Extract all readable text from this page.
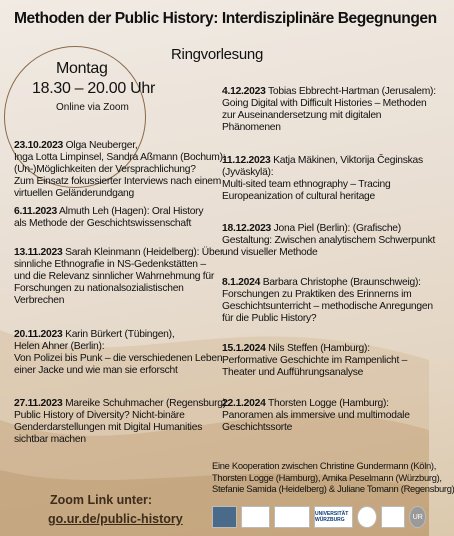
Methoden der Public History: Interdisziplinäre Begegnungen
Ringvorlesung
Montag
18.30 – 20.00 Uhr
Online via Zoom
23.10.2023 Olga Neuberger,
Inga Lotta Limpinsel, Sandra Aßmann (Bochum):
(Un-)Möglichkeiten der Versprachlichung?
Zum Einsatz fokussierter Interviews nach einem
virtuellen Geländerundgang
6.11.2023 Almuth Leh (Hagen): Oral History
als Methode der Geschichtswissenschaft
13.11.2023 Sarah Kleinmann (Heidelberg): Über
sinnliche Ethnografie in NS-Gedenkstätten –
und die Relevanz sinnlicher Wahrnehmung für
Forschungen zu nationalsozialistischen
Verbrechen
20.11.2023 Karin Bürkert (Tübingen),
Helen Ahner (Berlin):
Von Polizei bis Punk – die verschiedenen Leben
einer Jacke und wie man sie erforscht
27.11.2023 Mareike Schuhmacher (Regensburg):
Public History of Diversity? Nicht-binäre
Genderdarstellungen mit Digital Humanities
sichtbar machen
4.12.2023 Tobias Ebbrecht-Hartman (Jerusalem):
Going Digital with Difficult Histories – Methoden
zur Auseinandersetzung mit digitalen
Phänomenen
11.12.2023 Katja Mäkinen, Viktorija Čeginskas
(Jyväskylä):
Multi-sited team ethnography – Tracing
Europeanization of cultural heritage
18.12.2023 Jona Piel (Berlin): (Grafische)
Gestaltung: Zwischen analytischem Schwerpunkt
und visueller Methode
8.1.2024 Barbara Christophe (Braunschweig):
Forschungen zu Praktiken des Erinnerns im
Geschichtsunterricht – methodische Anregungen
für die Public History?
15.1.2024 Nils Steffen (Hamburg):
Performative Geschichte im Rampenlicht –
Theater und Aufführungsanalyse
22.1.2024 Thorsten Logge (Hamburg):
Panoramen als immersive und multimodale
Geschichtssorte
Eine Kooperation zwischen Christine Gundermann (Köln),
Thorsten Logge (Hamburg), Arnika Peselmann (Würzburg),
Stefanie Samida (Heidelberg) & Juliane Tomann (Regensburg)
Zoom Link unter:
go.ur.de/public-history	UNIVERSITÄT WÜRZBURG	UR
